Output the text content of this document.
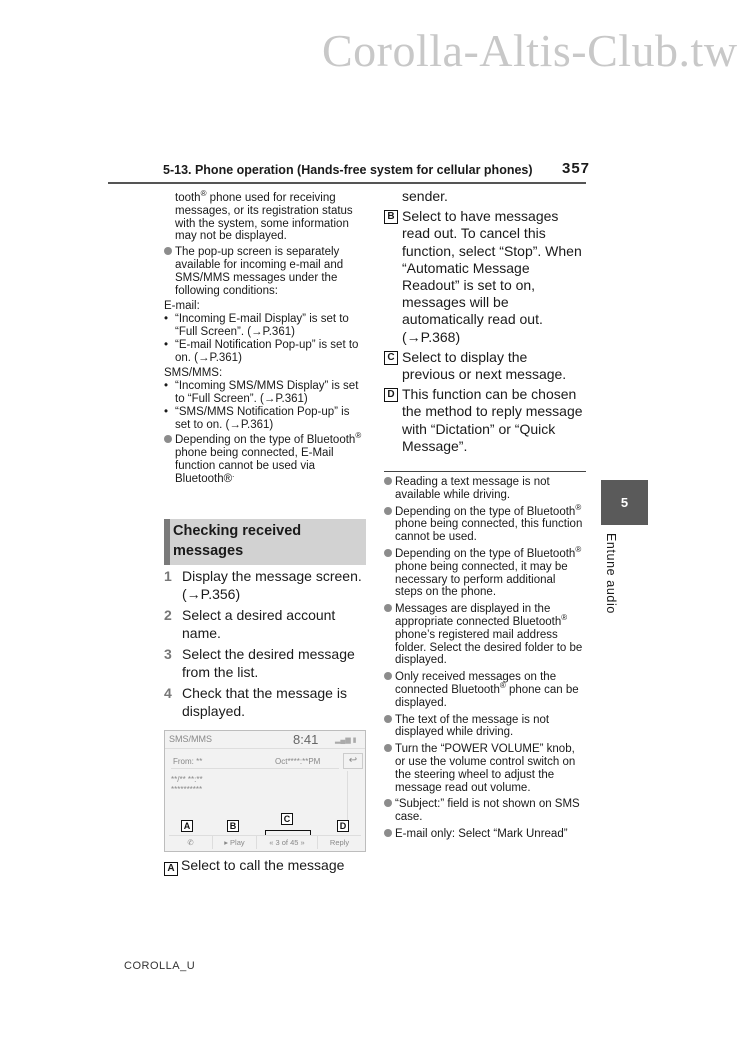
Corolla-Altis-Club.tw
5-13. Phone operation (Hands-free system for cellular phones) 357
tooth® phone used for receiving messages, or its registration status with the system, some information may not be displayed.
The pop-up screen is separately available for incoming e-mail and SMS/MMS messages under the following conditions:
E-mail:
• “Incoming E-mail Display” is set to “Full Screen”. (→P.361)
• “E-mail Notification Pop-up” is set to on. (→P.361)
SMS/MMS:
• “Incoming SMS/MMS Display” is set to “Full Screen”. (→P.361)
• “SMS/MMS Notification Pop-up” is set to on. (→P.361)
Depending on the type of Bluetooth® phone being connected, E-Mail function cannot be used via Bluetooth®.
Checking received messages
1 Display the message screen. (→P.356)
2 Select a desired account name.
3 Select the desired message from the list.
4 Check that the message is displayed.
SMS/MMS	8:41 ▂▄▆ ▮
From: **	Oct****:**PM	↩
**/** **:**
**********
✆	▸ Play	« 3 of 45 »	Reply
A	B
C
D
A Select to call the message
sender.
B Select to have messages read out. To cancel this function, select “Stop”. When “Automatic Message Readout” is set to on, messages will be automatically read out. (→P.368)
C Select to display the previous or next message.
D This function can be chosen the method to reply message with “Dictation” or “Quick Message”.
Reading a text message is not available while driving.
Depending on the type of Bluetooth® phone being connected, this function cannot be used.
Depending on the type of Bluetooth® phone being connected, it may be necessary to perform additional steps on the phone.
Messages are displayed in the appropriate connected Bluetooth® phone’s registered mail address folder. Select the desired folder to be displayed.
Only received messages on the connected Bluetooth® phone can be displayed.
The text of the message is not displayed while driving.
Turn the “POWER VOLUME” knob, or use the volume control switch on the steering wheel to adjust the message read out volume.
“Subject:” field is not shown on SMS case.
E-mail only: Select “Mark Unread”
5
Entune audio
COROLLA_U
